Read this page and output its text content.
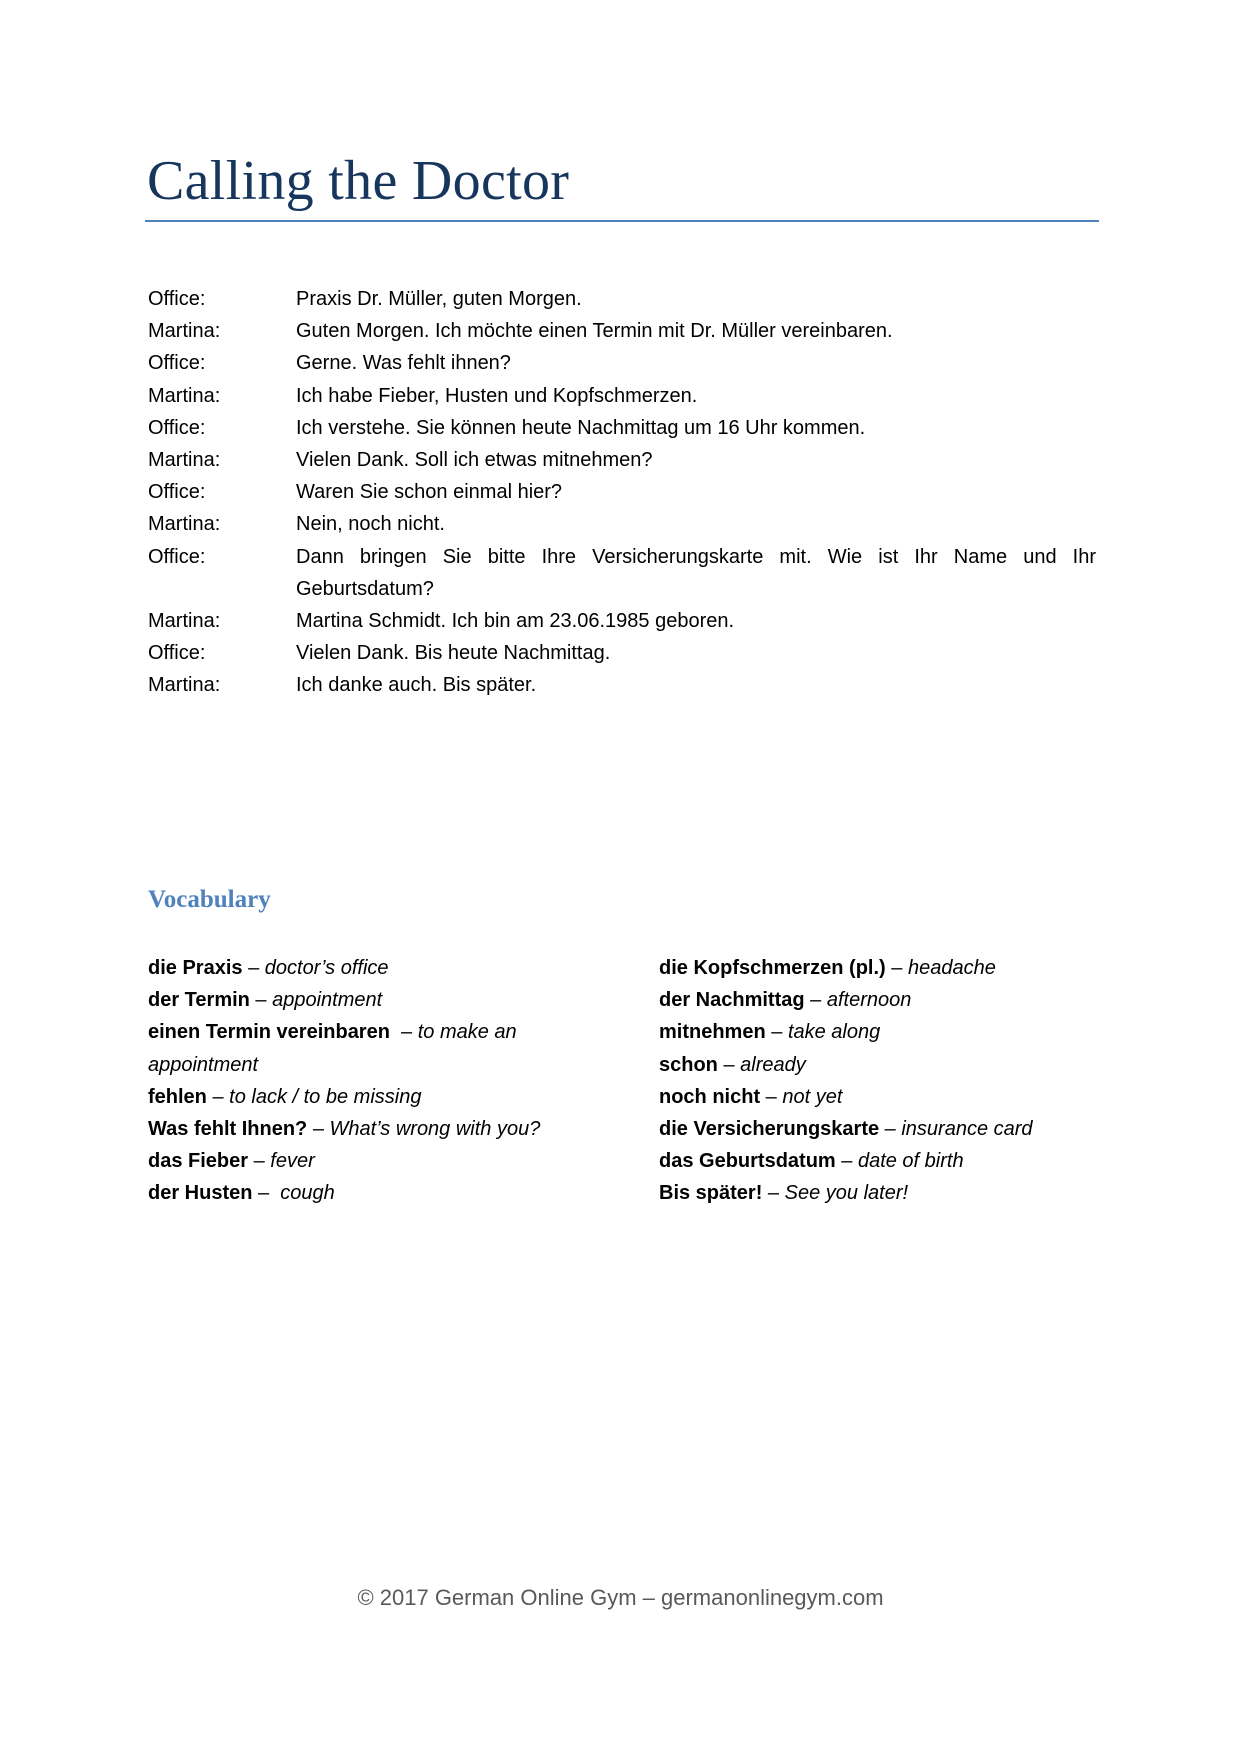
Calling the Doctor
Office:	Praxis Dr. Müller, guten Morgen.
Martina:	Guten Morgen. Ich möchte einen Termin mit Dr. Müller vereinbaren.
Office:	Gerne. Was fehlt ihnen?
Martina:	Ich habe Fieber, Husten und Kopfschmerzen.
Office:	Ich verstehe. Sie können heute Nachmittag um 16 Uhr kommen.
Martina:	Vielen Dank. Soll ich etwas mitnehmen?
Office:	Waren Sie schon einmal hier?
Martina:	Nein, noch nicht.
Office:	Dann bringen Sie bitte Ihre Versicherungskarte mit. Wie ist Ihr Name und Ihr Geburtsdatum?
Martina:	Martina Schmidt. Ich bin am 23.06.1985 geboren.
Office:	Vielen Dank. Bis heute Nachmittag.
Martina:	Ich danke auch. Bis später.
Vocabulary

die Praxis – doctor’s office

der Termin – appointment

einen Termin vereinbaren  – to make an appointment

fehlen – to lack / to be missing

Was fehlt Ihnen? – What’s wrong with you?

das Fieber – fever

der Husten –  cough

die Kopfschmerzen (pl.) – headache

der Nachmittag – afternoon

mitnehmen – take along

schon – already

noch nicht – not yet

die Versicherungskarte – insurance card

das Geburtsdatum – date of birth

Bis später! – See you later!

© 2017 German Online Gym – germanonlinegym.com
